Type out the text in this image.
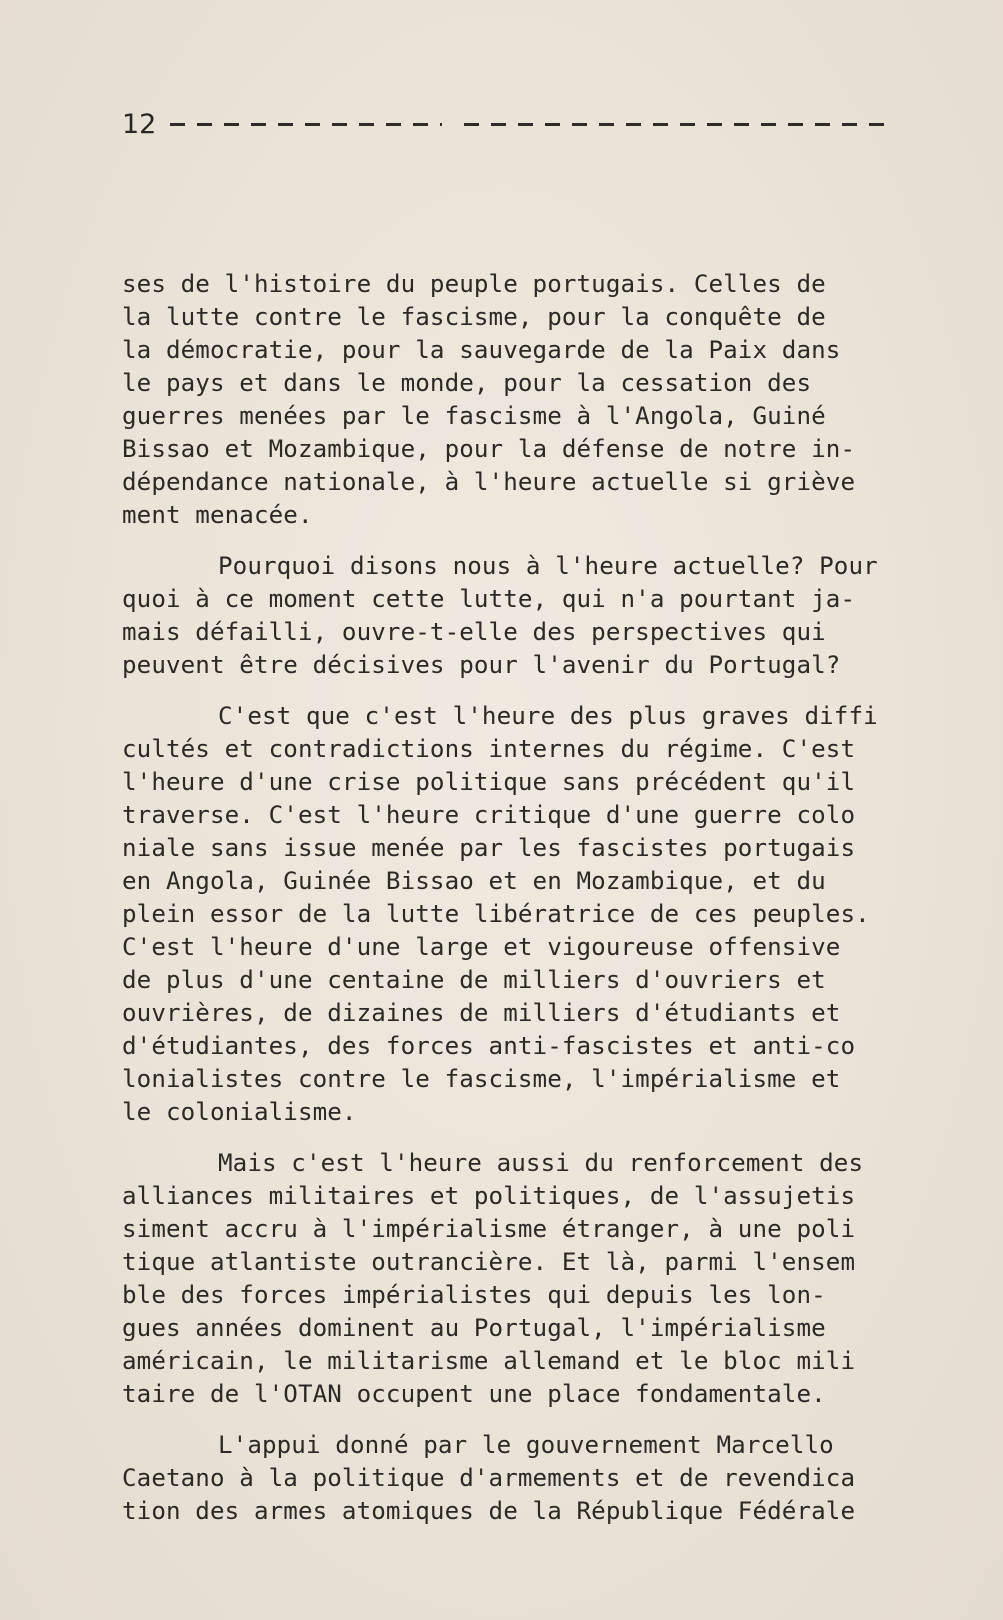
12
ses de l'histoire du peuple portugais. Celles de
la lutte contre le fascisme, pour la conquête de
la démocratie, pour la sauvegarde de la Paix dans
le pays et dans le monde, pour la cessation des
guerres menées par le fascisme à l'Angola, Guiné
Bissao et Mozambique, pour la défense de notre in-
dépendance nationale, à l'heure actuelle si griève
ment menacée.
Pourquoi disons nous à l'heure actuelle? Pour
quoi à ce moment cette lutte, qui n'a pourtant ja-
mais défailli, ouvre-t-elle des perspectives qui
peuvent être décisives pour l'avenir du Portugal?
C'est que c'est l'heure des plus graves diffi
cultés et contradictions internes du régime. C'est
l'heure d'une crise politique sans précédent qu'il
traverse. C'est l'heure critique d'une guerre colo
niale sans issue menée par les fascistes portugais
en Angola, Guinée Bissao et en Mozambique, et du
plein essor de la lutte libératrice de ces peuples.
C'est l'heure d'une large et vigoureuse offensive
de plus d'une centaine de milliers d'ouvriers et
ouvrières, de dizaines de milliers d'étudiants et
d'étudiantes, des forces anti-fascistes et anti-co
lonialistes contre le fascisme, l'impérialisme et
le colonialisme.
Mais c'est l'heure aussi du renforcement des
alliances militaires et politiques, de l'assujetis
siment accru à l'impérialisme étranger, à une poli
tique atlantiste outrancière. Et là, parmi l'ensem
ble des forces impérialistes qui depuis les lon-
gues années dominent au Portugal, l'impérialisme
américain, le militarisme allemand et le bloc mili
taire de l'OTAN occupent une place fondamentale.
L'appui donné par le gouvernement Marcello
Caetano à la politique d'armements et de revendica
tion des armes atomiques de la République Fédérale
